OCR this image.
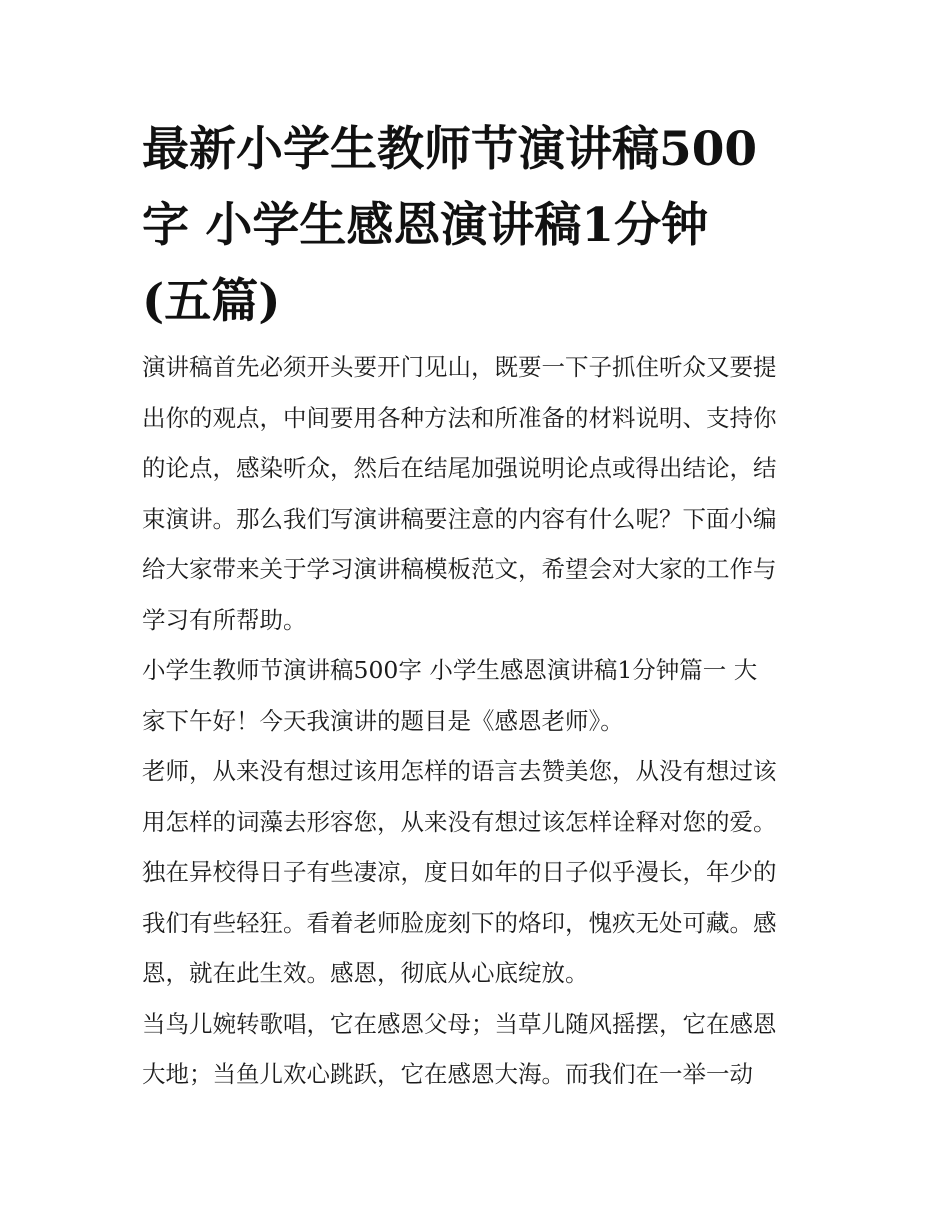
最新小学生教师节演讲稿500
字 小学生感恩演讲稿1分钟
(五篇)
演讲稿首先必须开头要开门见山，既要一下子抓住听众又要提
出你的观点，中间要用各种方法和所准备的材料说明、支持你
的论点，感染听众，然后在结尾加强说明论点或得出结论，结
束演讲。那么我们写演讲稿要注意的内容有什么呢？下面小编
给大家带来关于学习演讲稿模板范文，希望会对大家的工作与
学习有所帮助。
小学生教师节演讲稿500字 小学生感恩演讲稿1分钟篇一 大
家下午好！今天我演讲的题目是《感恩老师》。
老师，从来没有想过该用怎样的语言去赞美您，从没有想过该
用怎样的词藻去形容您，从来没有想过该怎样诠释对您的爱。
独在异校得日子有些凄凉，度日如年的日子似乎漫长，年少的
我们有些轻狂。看着老师脸庞刻下的烙印，愧疚无处可藏。感
恩，就在此生效。感恩，彻底从心底绽放。
当鸟儿婉转歌唱，它在感恩父母；当草儿随风摇摆，它在感恩
大地；当鱼儿欢心跳跃，它在感恩大海。而我们在一举一动
